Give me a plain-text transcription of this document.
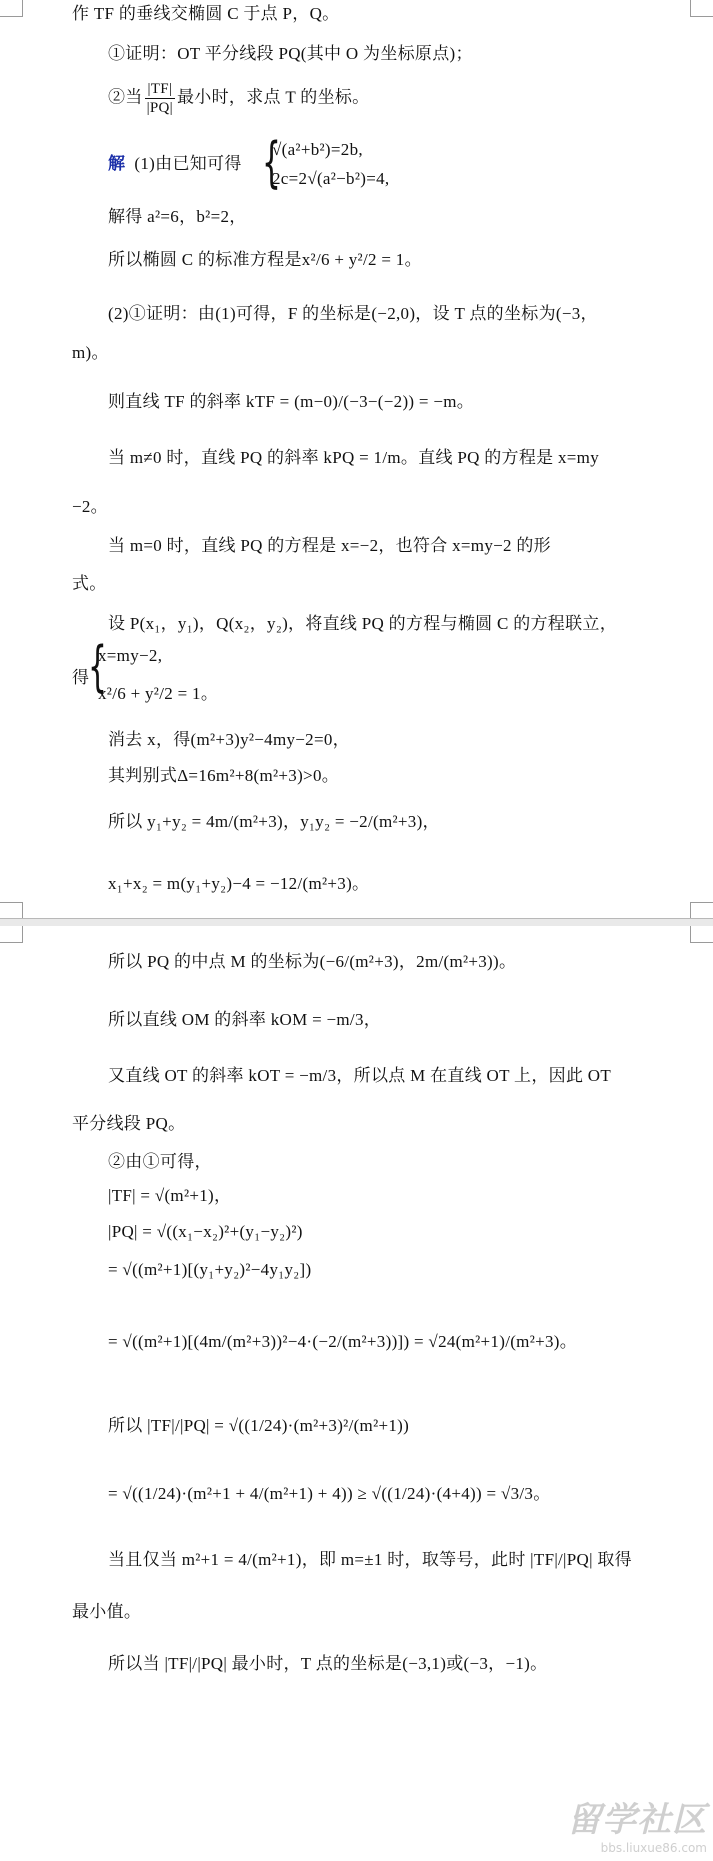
作 TF 的垂线交椭圆 C 于点 P，Q。
①证明：OT 平分线段 PQ(其中 O 为坐标原点)；
②当 $\frac{|TF|}{|PQ|}$ 最小时，求点 T 的坐标。
解 (1)由已知可得 {
√(a²+b²)=2b,
2c=2√(a²−b²)=4,
解得 a²=6，b²=2，
所以椭圆 C 的标准方程是x²/6 + y²/2 = 1。
(2)①证明：由(1)可得，F 的坐标是(−2,0)，设 T 点的坐标为(−3，
m)。
则直线 TF 的斜率 kTF = (m−0)/(−3−(−2)) = −m。
当 m≠0 时，直线 PQ 的斜率 kPQ = 1/m。直线 PQ 的方程是 x=my
−2。
当 m=0 时，直线 PQ 的方程是 x=−2，也符合 x=my−2 的形
式。
设 P(x₁，y₁)，Q(x₂，y₂)，将直线 PQ 的方程与椭圆 C 的方程联立，
得
{
x=my−2,
x²/6 + y²/2 = 1。
消去 x，得(m²+3)y²−4my−2=0，
其判别式Δ=16m²+8(m²+3)>0。
所以 y₁+y₂ = 4m/(m²+3)，y₁y₂ = −2/(m²+3)，
x₁+x₂ = m(y₁+y₂)−4 = −12/(m²+3)。
所以 PQ 的中点 M 的坐标为(−6/(m²+3)，2m/(m²+3))。
所以直线 OM 的斜率 kOM = −m/3，
又直线 OT 的斜率 kOT = −m/3，所以点 M 在直线 OT 上，因此 OT
平分线段 PQ。
②由①可得，
|TF| = √(m²+1)，
|PQ| = √((x₁−x₂)²+(y₁−y₂)²)
= √((m²+1)[(y₁+y₂)²−4y₁y₂])
= √((m²+1)[(4m/(m²+3))²−4·(−2/(m²+3))]) = √24(m²+1)/(m²+3)。
所以 |TF|/|PQ| = √((1/24)·(m²+3)²/(m²+1))
= √((1/24)·(m²+1 + 4/(m²+1) + 4)) ≥ √((1/24)·(4+4)) = √3/3。
当且仅当 m²+1 = 4/(m²+1)，即 m=±1 时，取等号，此时 |TF|/|PQ| 取得
最小值。
所以当 |TF|/|PQ| 最小时，T 点的坐标是(−3,1)或(−3，−1)。
留学社区
bbs.liuxue86.com
